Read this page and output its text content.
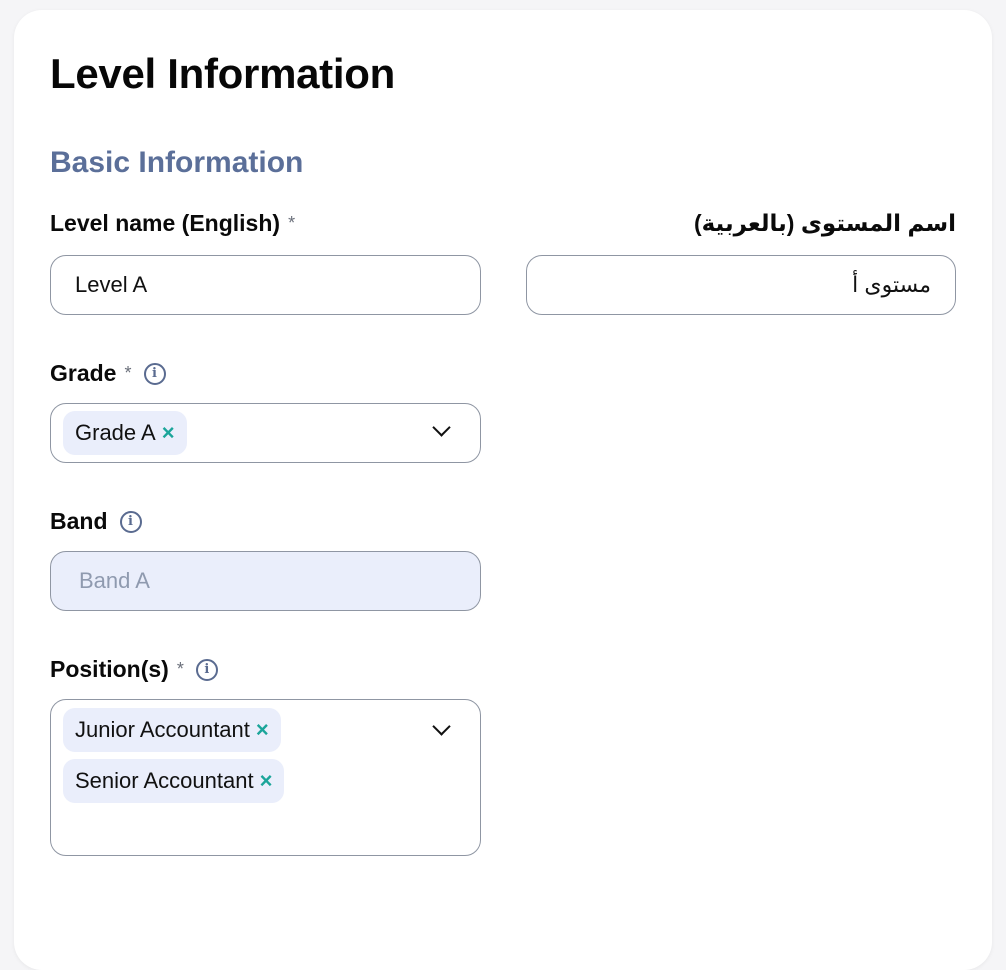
Level Information
Basic Information
Level name (English) *
Level A
اسم المستوى (بالعربية)
مستوى أ
Grade *	i
Grade A ×
Band	i
Band A
Position(s) *	i
Junior Accountant ×
Senior Accountant ×
